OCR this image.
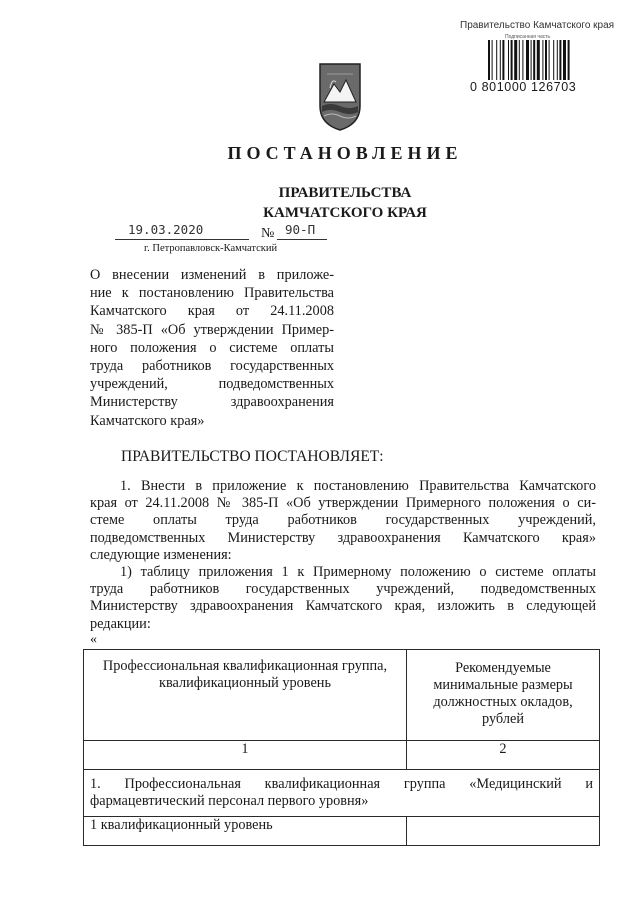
Правительство Камчатского края
Подписанная часть
0 801000 126703
ПОСТАНОВЛЕНИЕ
ПРАВИТЕЛЬСТВА
КАМЧАТСКОГО КРАЯ
19.03.2020	№ 90-П
г. Петропавловск-Камчатский
О внесении изменений в приложе-
ние к постановлению Правительства
Камчатского края от 24.11.2008
№ 385-П «Об утверждении Пример-
ного положения о системе оплаты
труда работников государственных
учреждений, подведомственных
Министерству здравоохранения
Камчатского края»
ПРАВИТЕЛЬСТВО ПОСТАНОВЛЯЕТ:
1. Внести в приложение к постановлению Правительства Камчатского
края от 24.11.2008 № 385-П «Об утверждении Примерного положения о си-
стеме оплаты труда работников государственных учреждений,
подведомственных Министерству здравоохранения Камчатского края»
следующие изменения:
1) таблицу приложения 1 к Примерному положению о системе оплаты
труда работников государственных учреждений, подведомственных
Министерству здравоохранения Камчатского края, изложить в следующей
редакции:
«
Профессиональная квалификационная группа, квалификационный уровень	Рекомендуемые минимальные размеры должностных окладов, рублей
1	2

1. Профессиональная квалификационная группа «Медицинский и
фармацевтический персонал первого уровня»	

1 квалификационный уровень	
